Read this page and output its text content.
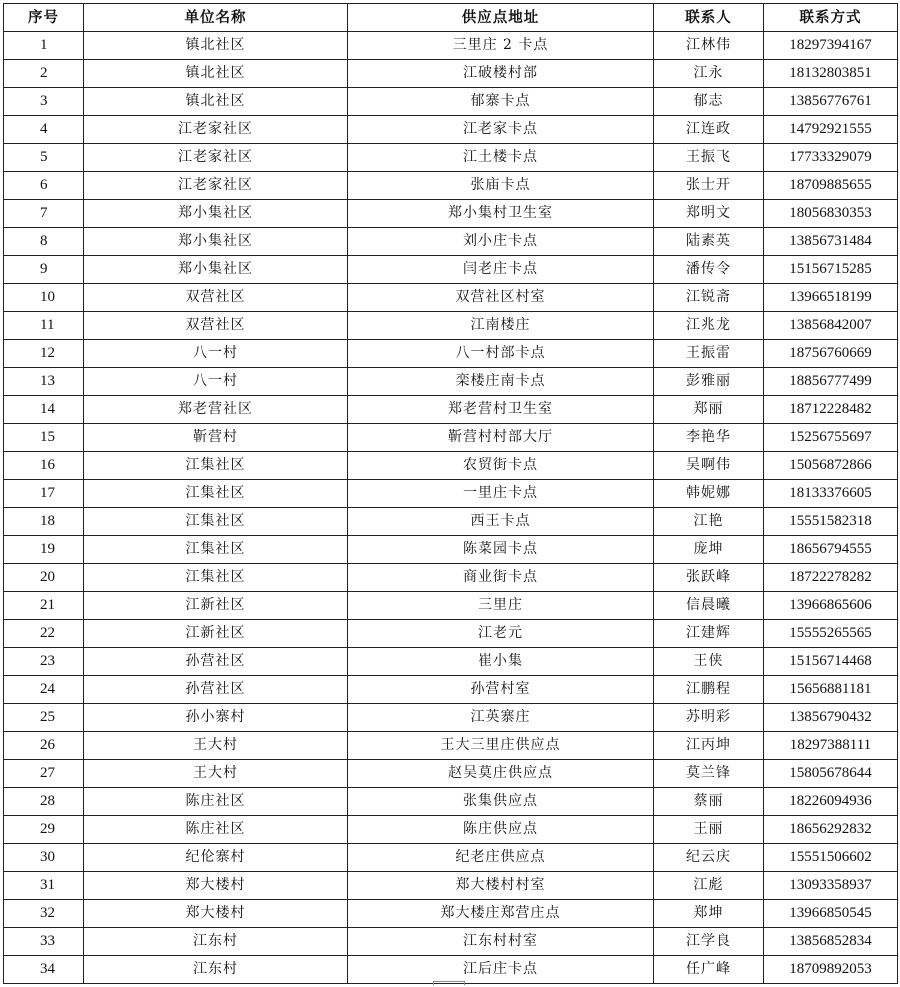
序号	单位名称	供应点地址	联系人	联系方式
1	镇北社区	三里庄 2 卡点	江林伟	18297394167
2	镇北社区	江破楼村部	江永	18132803851
3	镇北社区	郁寨卡点	郁志	13856776761
4	江老家社区	江老家卡点	江连政	14792921555
5	江老家社区	江土楼卡点	王振飞	17733329079
6	江老家社区	张庙卡点	张士开	18709885655
7	郑小集社区	郑小集村卫生室	郑明文	18056830353
8	郑小集社区	刘小庄卡点	陆素英	13856731484
9	郑小集社区	闫老庄卡点	潘传令	15156715285
10	双营社区	双营社区村室	江锐斋	13966518199
11	双营社区	江南楼庄	江兆龙	13856842007
12	八一村	八一村部卡点	王振雷	18756760669
13	八一村	栾楼庄南卡点	彭雅丽	18856777499
14	郑老营社区	郑老营村卫生室	郑丽	18712228482
15	靳营村	靳营村村部大厅	李艳华	15256755697
16	江集社区	农贸街卡点	吴啊伟	15056872866
17	江集社区	一里庄卡点	韩妮娜	18133376605
18	江集社区	西王卡点	江艳	15551582318
19	江集社区	陈菜园卡点	庞坤	18656794555
20	江集社区	商业街卡点	张跃峰	18722278282
21	江新社区	三里庄	信晨曦	13966865606
22	江新社区	江老元	江建辉	15555265565
23	孙营社区	崔小集	王侠	15156714468
24	孙营社区	孙营村室	江鹏程	15656881181
25	孙小寨村	江英寨庄	苏明彩	13856790432
26	王大村	王大三里庄供应点	江丙坤	18297388111
27	王大村	赵吴莫庄供应点	莫兰锋	15805678644
28	陈庄社区	张集供应点	蔡丽	18226094936
29	陈庄社区	陈庄供应点	王丽	18656292832
30	纪伦寨村	纪老庄供应点	纪云庆	15551506602
31	郑大楼村	郑大楼村村室	江彪	13093358937
32	郑大楼村	郑大楼庄郑营庄点	郑坤	13966850545
33	江东村	江东村村室	江学良	13856852834
34	江东村	江后庄卡点	任广峰	18709892053
